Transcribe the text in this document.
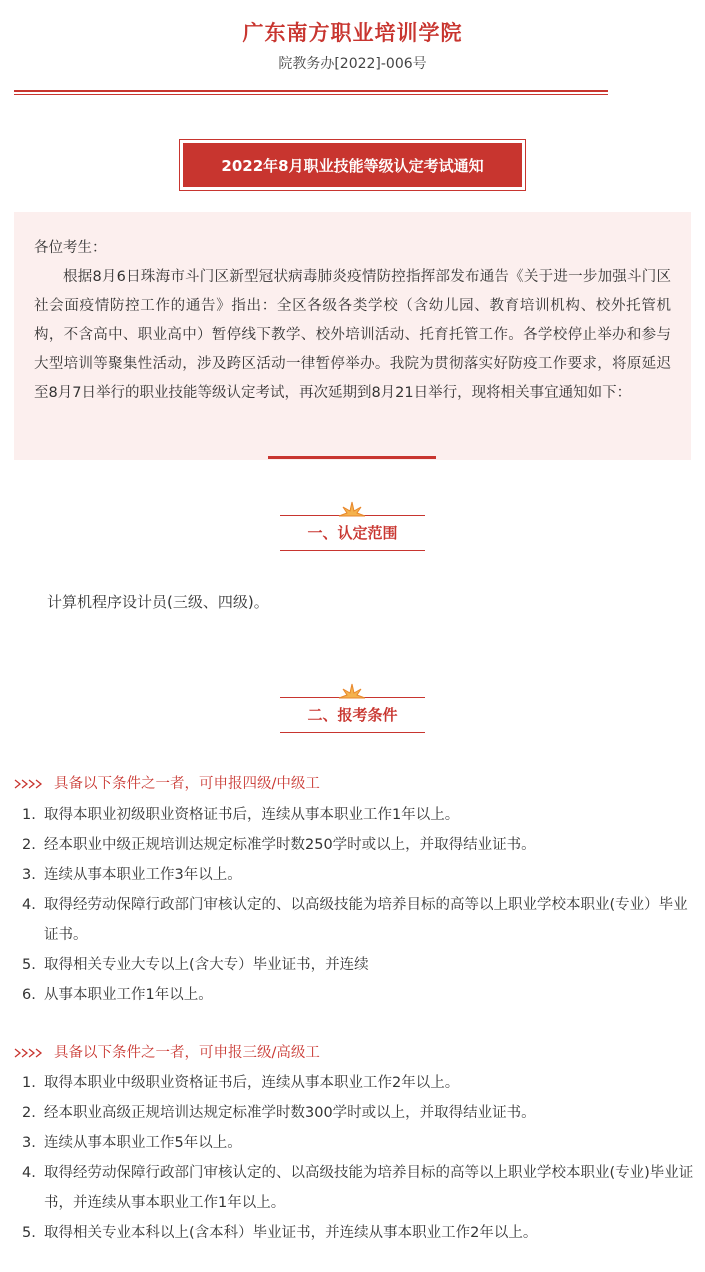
广东南方职业培训学院
院教务办[2022]-006号
2022年8月职业技能等级认定考试通知
各位考生：
根据8月6日珠海市斗门区新型冠状病毒肺炎疫情防控指挥部发布通告《关于进一步加强斗门区社会面疫情防控工作的通告》指出：全区各级各类学校（含幼儿园、教育培训机构、校外托管机构，不含高中、职业高中）暂停线下教学、校外培训活动、托育托管工作。各学校停止举办和参与大型培训等聚集性活动，涉及跨区活动一律暂停举办。我院为贯彻落实好防疫工作要求，将原延迟至8月7日举行的职业技能等级认定考试，再次延期到8月21日举行，现将相关事宜通知如下：
一、认定范围
计算机程序设计员(三级、四级)。
二、报考条件
具备以下条件之一者，可申报四级/中级工
1. 取得本职业初级职业资格证书后，连续从事本职业工作1年以上。
2. 经本职业中级正规培训达规定标准学时数250学时或以上，并取得结业证书。
3. 连续从事本职业工作3年以上。
4. 取得经劳动保障行政部门审核认定的、以高级技能为培养目标的高等以上职业学校本职业(专业）毕业证书。
5. 取得相关专业大专以上(含大专）毕业证书，并连续
6. 从事本职业工作1年以上。
具备以下条件之一者，可申报三级/高级工
1. 取得本职业中级职业资格证书后，连续从事本职业工作2年以上。
2. 经本职业高级正规培训达规定标准学时数300学时或以上，并取得结业证书。
3. 连续从事本职业工作5年以上。
4. 取得经劳动保障行政部门审核认定的、以高级技能为培养目标的高等以上职业学校本职业(专业)毕业证书，并连续从事本职业工作1年以上。
5. 取得相关专业本科以上(含本科）毕业证书，并连续从事本职业工作2年以上。
